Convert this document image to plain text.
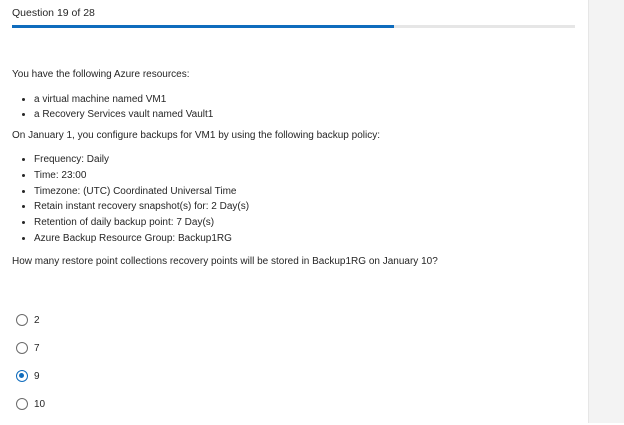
Question 19 of 28

You have the following Azure resources:

• a virtual machine named VM1
• a Recovery Services vault named Vault1

On January 1, you configure backups for VM1 by using the following backup policy:

• Frequency: Daily
• Time: 23:00
• Timezone: (UTC) Coordinated Universal Time
• Retain instant recovery snapshot(s) for: 2 Day(s)
• Retention of daily backup point: 7 Day(s)
• Azure Backup Resource Group: Backup1RG

How many restore point collections recovery points will be stored in Backup1RG on January 10?

2
7
9
10
